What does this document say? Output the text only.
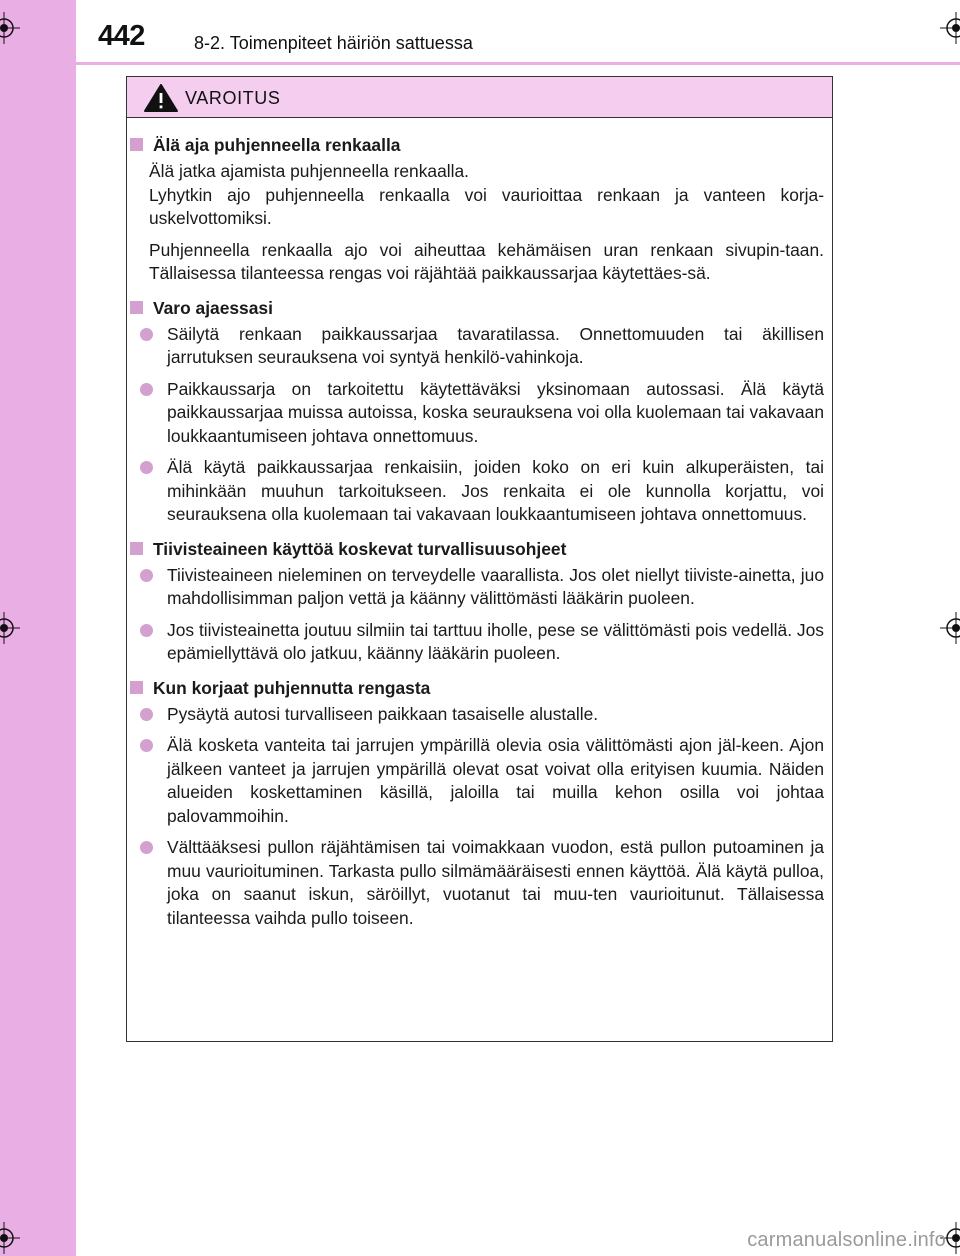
442	8-2. Toimenpiteet häiriön sattuessa
VAROITUS
Älä aja puhjenneella renkaalla
Älä jatka ajamista puhjenneella renkaalla.
Lyhytkin ajo puhjenneella renkaalla voi vaurioittaa renkaan ja vanteen korja-uskelvottomiksi.
Puhjenneella renkaalla ajo voi aiheuttaa kehämäisen uran renkaan sivupin-taan. Tällaisessa tilanteessa rengas voi räjähtää paikkaussarjaa käytettäes-sä.
Varo ajaessasi
Säilytä renkaan paikkaussarjaa tavaratilassa. Onnettomuuden tai äkillisen jarrutuksen seurauksena voi syntyä henkilö-vahinkoja.
Paikkaussarja on tarkoitettu käytettäväksi yksinomaan autossasi. Älä käytä paikkaussarjaa muissa autoissa, koska seurauksena voi olla kuolemaan tai vakavaan loukkaantumiseen johtava onnettomuus.
Älä käytä paikkaussarjaa renkaisiin, joiden koko on eri kuin alkuperäisten, tai mihinkään muuhun tarkoitukseen. Jos renkaita ei ole kunnolla korjattu, voi seurauksena olla kuolemaan tai vakavaan loukkaantumiseen johtava onnettomuus.
Tiivisteaineen käyttöä koskevat turvallisuusohjeet
Tiivisteaineen nieleminen on terveydelle vaarallista. Jos olet niellyt tiiviste-ainetta, juo mahdollisimman paljon vettä ja käänny välittömästi lääkärin puoleen.
Jos tiivisteainetta joutuu silmiin tai tarttuu iholle, pese se välittömästi pois vedellä. Jos epämiellyttävä olo jatkuu, käänny lääkärin puoleen.
Kun korjaat puhjennutta rengasta
Pysäytä autosi turvalliseen paikkaan tasaiselle alustalle.
Älä kosketa vanteita tai jarrujen ympärillä olevia osia välittömästi ajon jäl-keen. Ajon jälkeen vanteet ja jarrujen ympärillä olevat osat voivat olla erityisen kuumia. Näiden alueiden koskettaminen käsillä, jaloilla tai muilla kehon osilla voi johtaa palovammoihin.
Välttääksesi pullon räjähtämisen tai voimakkaan vuodon, estä pullon putoaminen ja muu vaurioituminen. Tarkasta pullo silmämääräisesti ennen käyttöä. Älä käytä pulloa, joka on saanut iskun, säröillyt, vuotanut tai muu-ten vaurioitunut. Tällaisessa tilanteessa vaihda pullo toiseen.
carmanualsonline.info
